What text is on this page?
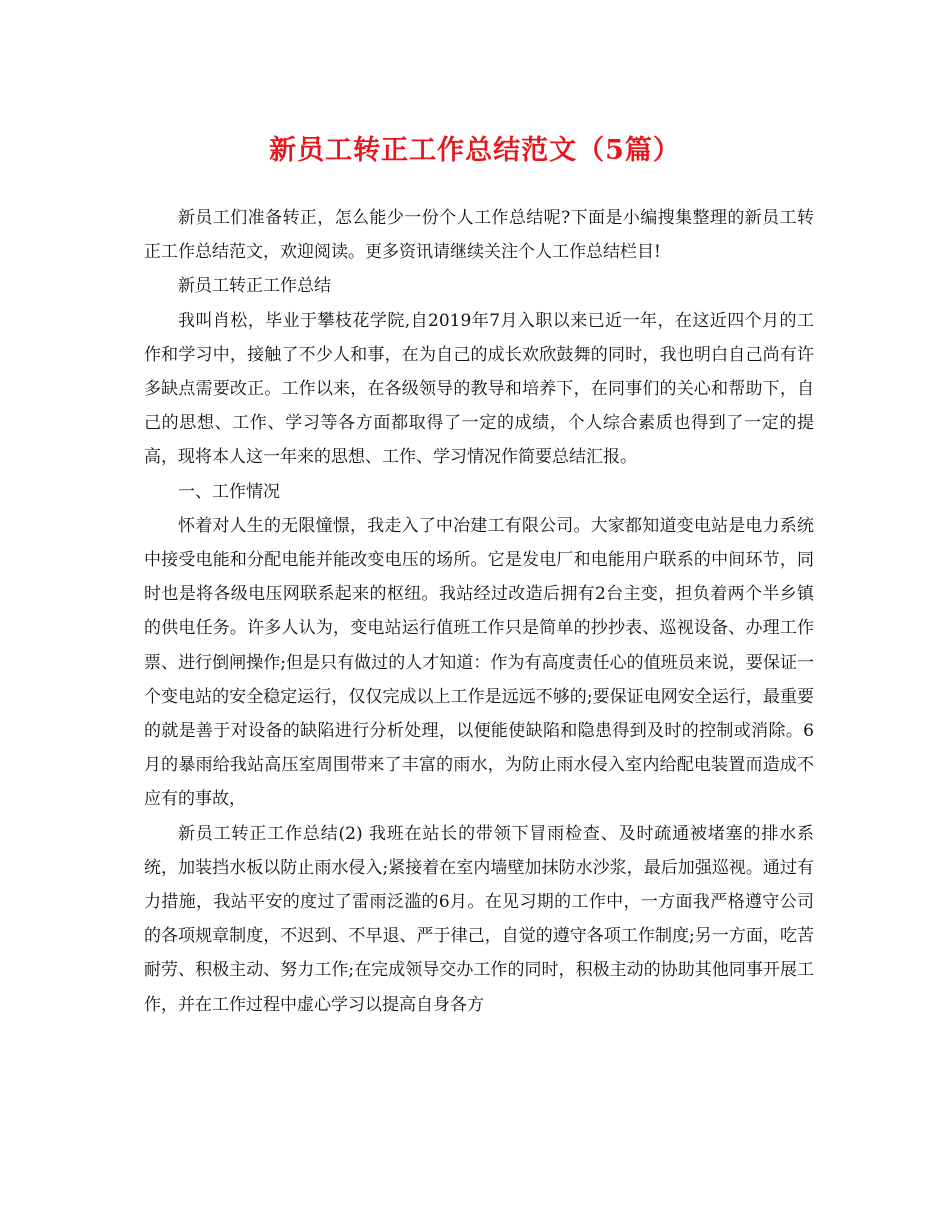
新员工转正工作总结范文（5篇）

新员工们准备转正，怎么能少一份个人工作总结呢?下面是小编搜集整理的新员工转正工作总结范文，欢迎阅读。更多资讯请继续关注个人工作总结栏目!

新员工转正工作总结

我叫肖松，毕业于攀枝花学院,自2019年7月入职以来已近一年，在这近四个月的工作和学习中，接触了不少人和事，在为自己的成长欢欣鼓舞的同时，我也明白自己尚有许多缺点需要改正。工作以来，在各级领导的教导和培养下，在同事们的关心和帮助下，自己的思想、工作、学习等各方面都取得了一定的成绩，个人综合素质也得到了一定的提高，现将本人这一年来的思想、工作、学习情况作简要总结汇报。

一、工作情况

怀着对人生的无限憧憬，我走入了中冶建工有限公司。大家都知道变电站是电力系统中接受电能和分配电能并能改变电压的场所。它是发电厂和电能用户联系的中间环节，同时也是将各级电压网联系起来的枢纽。我站经过改造后拥有2台主变，担负着两个半乡镇的供电任务。许多人认为，变电站运行值班工作只是简单的抄抄表、巡视设备、办理工作票、进行倒闸操作;但是只有做过的人才知道：作为有高度责任心的值班员来说，要保证一个变电站的安全稳定运行，仅仅完成以上工作是远远不够的;要保证电网安全运行，最重要的就是善于对设备的缺陷进行分析处理，以便能使缺陷和隐患得到及时的控制或消除。6月的暴雨给我站高压室周围带来了丰富的雨水，为防止雨水侵入室内给配电装置而造成不应有的事故，

新员工转正工作总结(2) 我班在站长的带领下冒雨检查、及时疏通被堵塞的排水系统，加装挡水板以防止雨水侵入;紧接着在室内墙壁加抹防水沙浆，最后加强巡视。通过有力措施，我站平安的度过了雷雨泛滥的6月。在见习期的工作中，一方面我严格遵守公司的各项规章制度，不迟到、不早退、严于律己，自觉的遵守各项工作制度;另一方面，吃苦耐劳、积极主动、努力工作;在完成领导交办工作的同时，积极主动的协助其他同事开展工作，并在工作过程中虚心学习以提高自身各方
